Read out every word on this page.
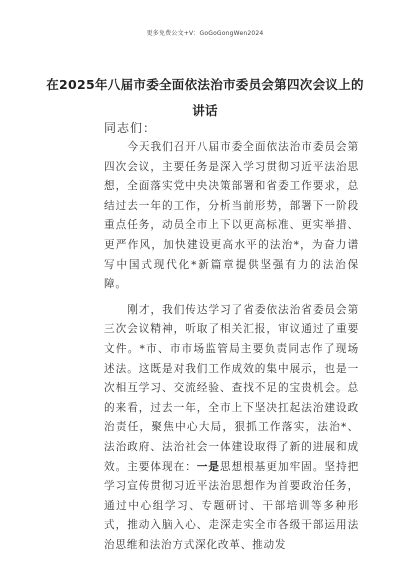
更多免费公文+V：GoGoGongWen2024
在2025年八届市委全面依法治市委员会第四次会议上的讲话
同志们：

今天我们召开八届市委全面依法治市委员会第四次会议，主要任务是深入学习贯彻习近平法治思想，全面落实党中央决策部署和省委工作要求，总结过去一年的工作，分析当前形势，部署下一阶段重点任务，动员全市上下以更高标准、更实举措、更严作风，加快建设更高水平的法治*，为奋力谱写中国式现代化*新篇章提供坚强有力的法治保障。

刚才，我们传达学习了省委依法治省委员会第三次会议精神，听取了相关汇报，审议通过了重要文件。*市、市市场监管局主要负责同志作了现场述法。这既是对我们工作成效的集中展示，也是一次相互学习、交流经验、查找不足的宝贵机会。总的来看，过去一年，全市上下坚决扛起法治建设政治责任，聚焦中心大局，狠抓工作落实，法治*、法治政府、法治社会一体建设取得了新的进展和成效。主要体现在：一是思想根基更加牢固。坚持把学习宣传贯彻习近平法治思想作为首要政治任务，通过中心组学习、专题研讨、干部培训等多种形式，推动入脑入心、走深走实全市各级干部运用法治思维和法治方式深化改革、推动发
